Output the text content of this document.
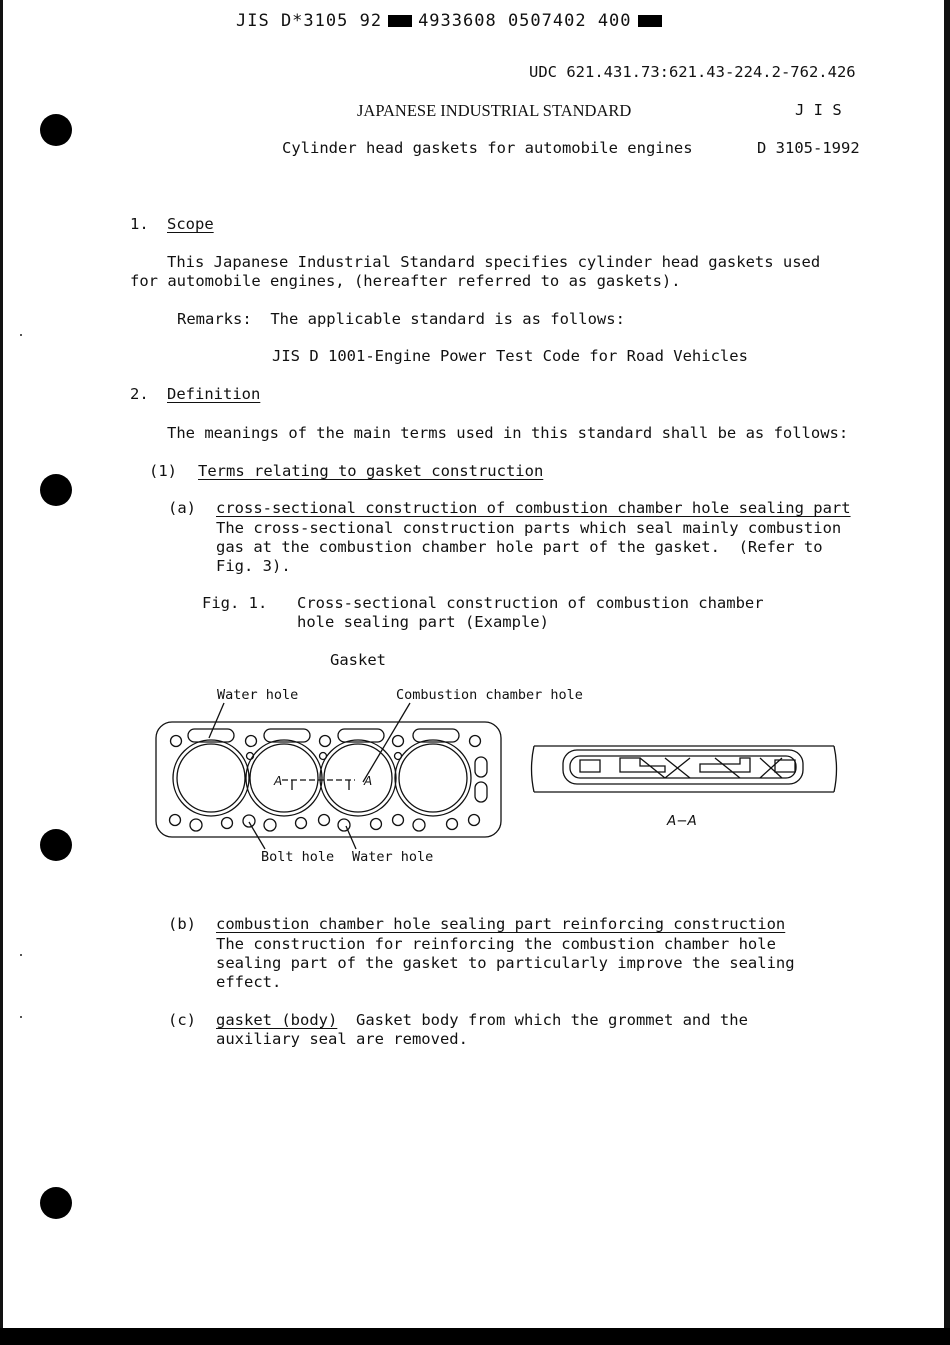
JIS D*3105 92 4933608 0507402 400
UDC 621.431.73:621.43-224.2-762.426
JAPANESE INDUSTRIAL STANDARD	J I S
Cylinder head gaskets for automobile engines	D 3105-1992
1. Scope
This Japanese Industrial Standard specifies cylinder head gaskets used
for automobile engines, (hereafter referred to as gaskets).
Remarks:  The applicable standard is as follows:
JIS D 1001-Engine Power Test Code for Road Vehicles
2. Definition
The meanings of the main terms used in this standard shall be as follows:
(1) Terms relating to gasket construction
(a) cross-sectional construction of combustion chamber hole sealing part
The cross-sectional construction parts which seal mainly combustion
gas at the combustion chamber hole part of the gasket.  (Refer to
Fig. 3).
Fig. 1. Cross-sectional construction of combustion chamber
hole sealing part (Example)
Gasket
Water hole	Combustion chamber hole
Bolt hole Water hole
A−A
A	A
(b) combustion chamber hole sealing part reinforcing construction
The construction for reinforcing the combustion chamber hole
sealing part of the gasket to particularly improve the sealing
effect.
(c) gasket (body)  Gasket body from which the grommet and the
auxiliary seal are removed.
